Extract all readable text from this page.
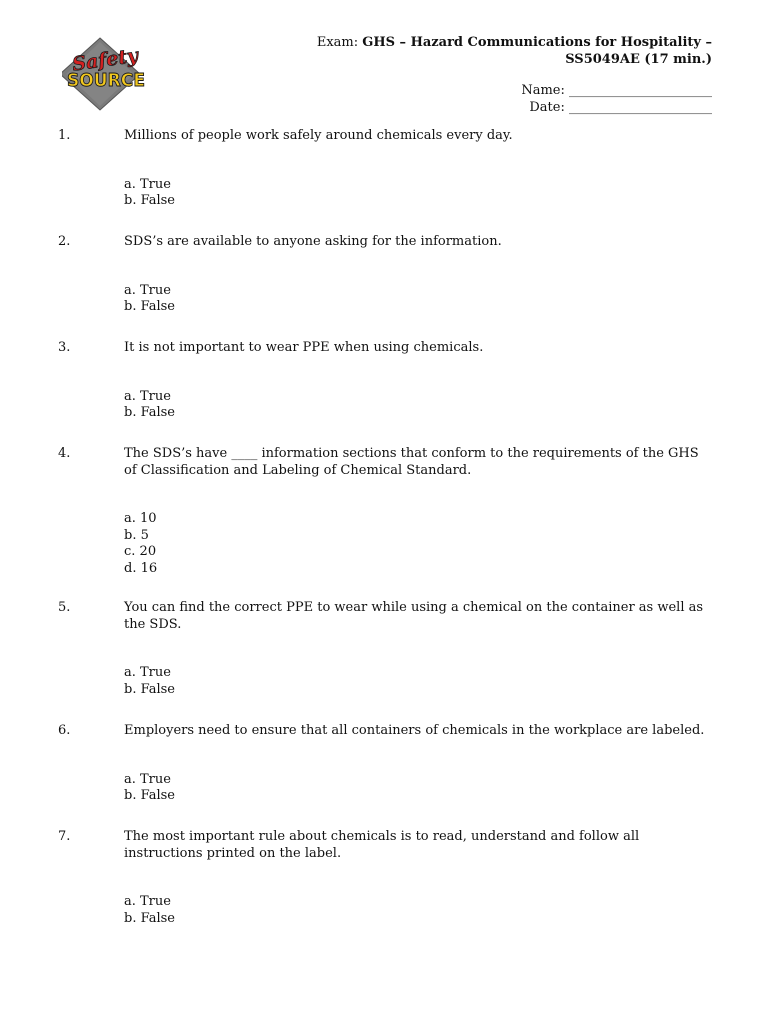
Safety
SOURCE

Exam: GHS – Hazard Communications for Hospitality –

SS5049AE (17 min.)

Name: ______________________

Date: ______________________

1.	Millions of people work safely around chemicals every day.

a. True

b. False

2.	SDS’s are available to anyone asking for the information.

a. True

b. False

3.	It is not important to wear PPE when using chemicals.

a. True

b. False

4.	The SDS’s have ____ information sections that conform to the requirements of the GHS of Classification and Labeling of Chemical Standard.

a. 10

b. 5

c. 20

d. 16

5.	You can find the correct PPE to wear while using a chemical on the container as well as the SDS.

a. True

b. False

6.	Employers need to ensure that all containers of chemicals in the workplace are labeled.

a. True

b. False

7.	The most important rule about chemicals is to read, understand and follow all instructions printed on the label.

a. True

b. False
